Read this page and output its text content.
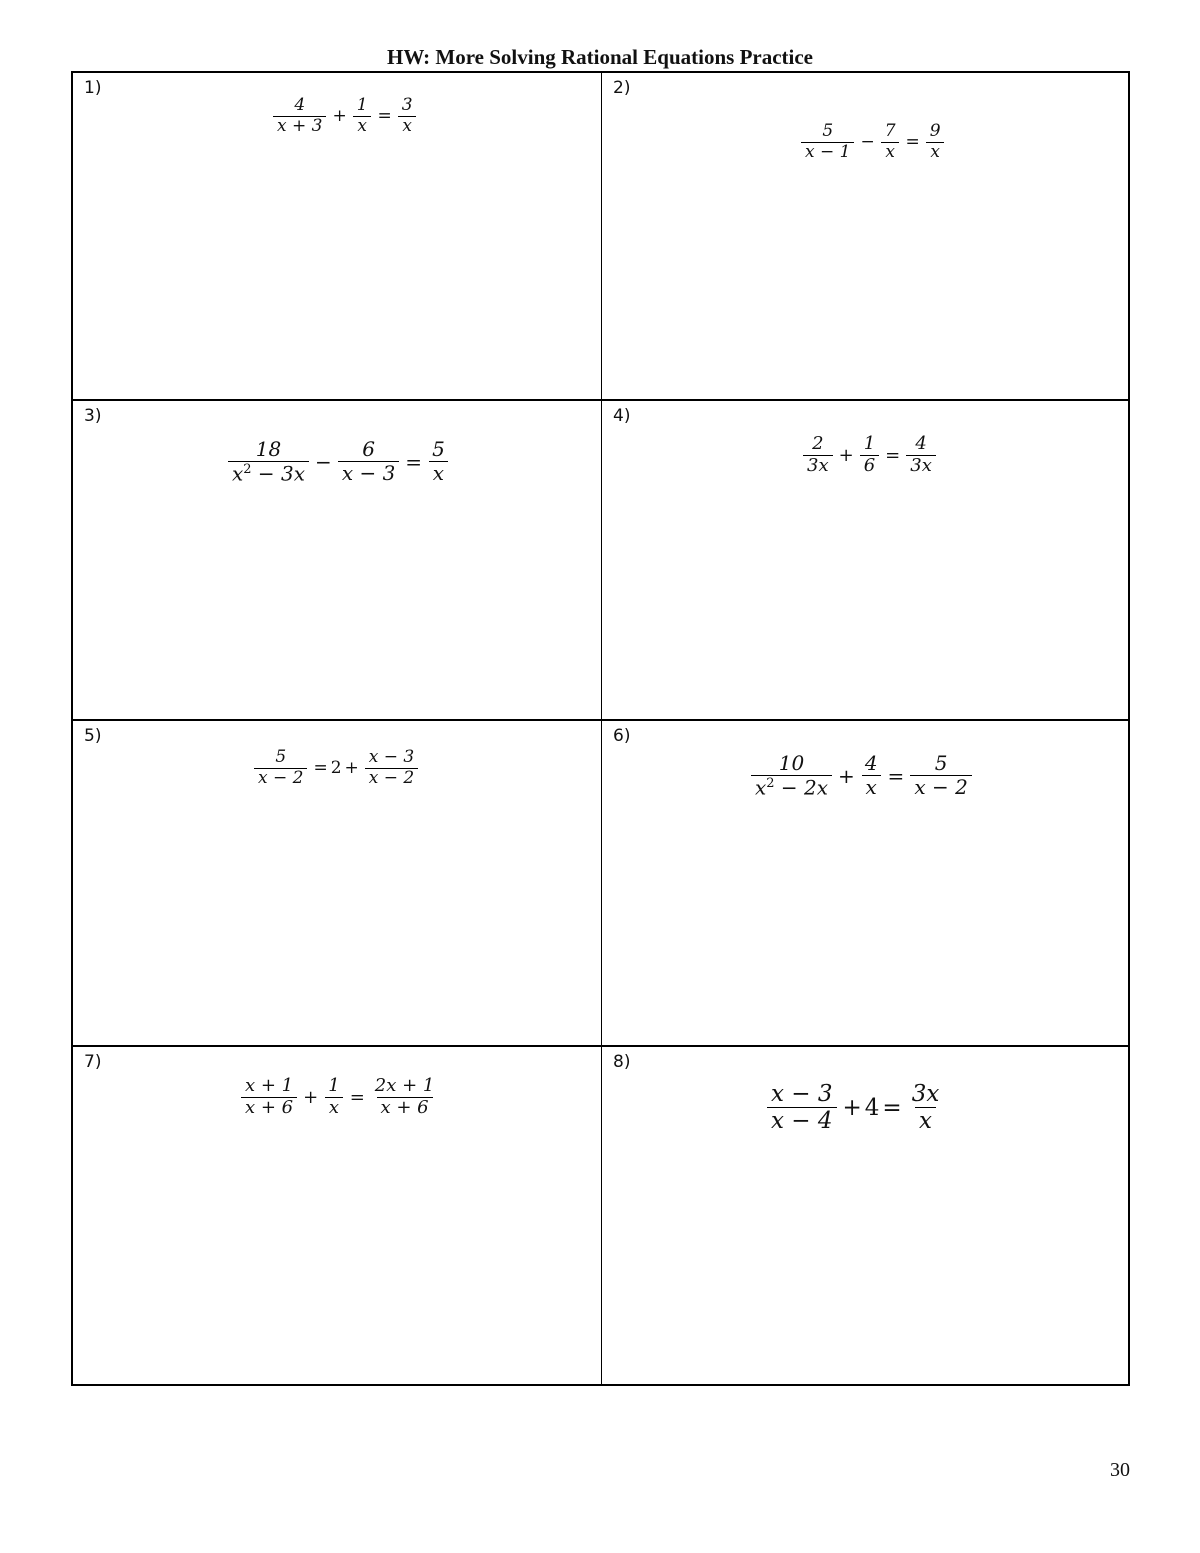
HW: More Solving Rational Equations Practice
1)
$\frac{4}{x + 3} + \frac{1}{x} = \frac{3}{x}$
2)
$\frac{5}{x - 1} - \frac{7}{x} = \frac{9}{x}$
3)
$\frac{18}{x^2 - 3x} - \frac{6}{x - 3} = \frac{5}{x}$
4)
$\frac{2}{3x} + \frac{1}{6} = \frac{4}{3x}$
5)
$\frac{5}{x - 2} = 2 + \frac{x - 3}{x - 2}$
6)
$\frac{10}{x^2 - 2x} + \frac{4}{x} = \frac{5}{x - 2}$
7)
$\frac{x + 1}{x + 6} + \frac{1}{x} = \frac{2x + 1}{x + 6}$
8)
$\frac{x - 3}{x - 4} + 4 = \frac{3x}{x}$
30
